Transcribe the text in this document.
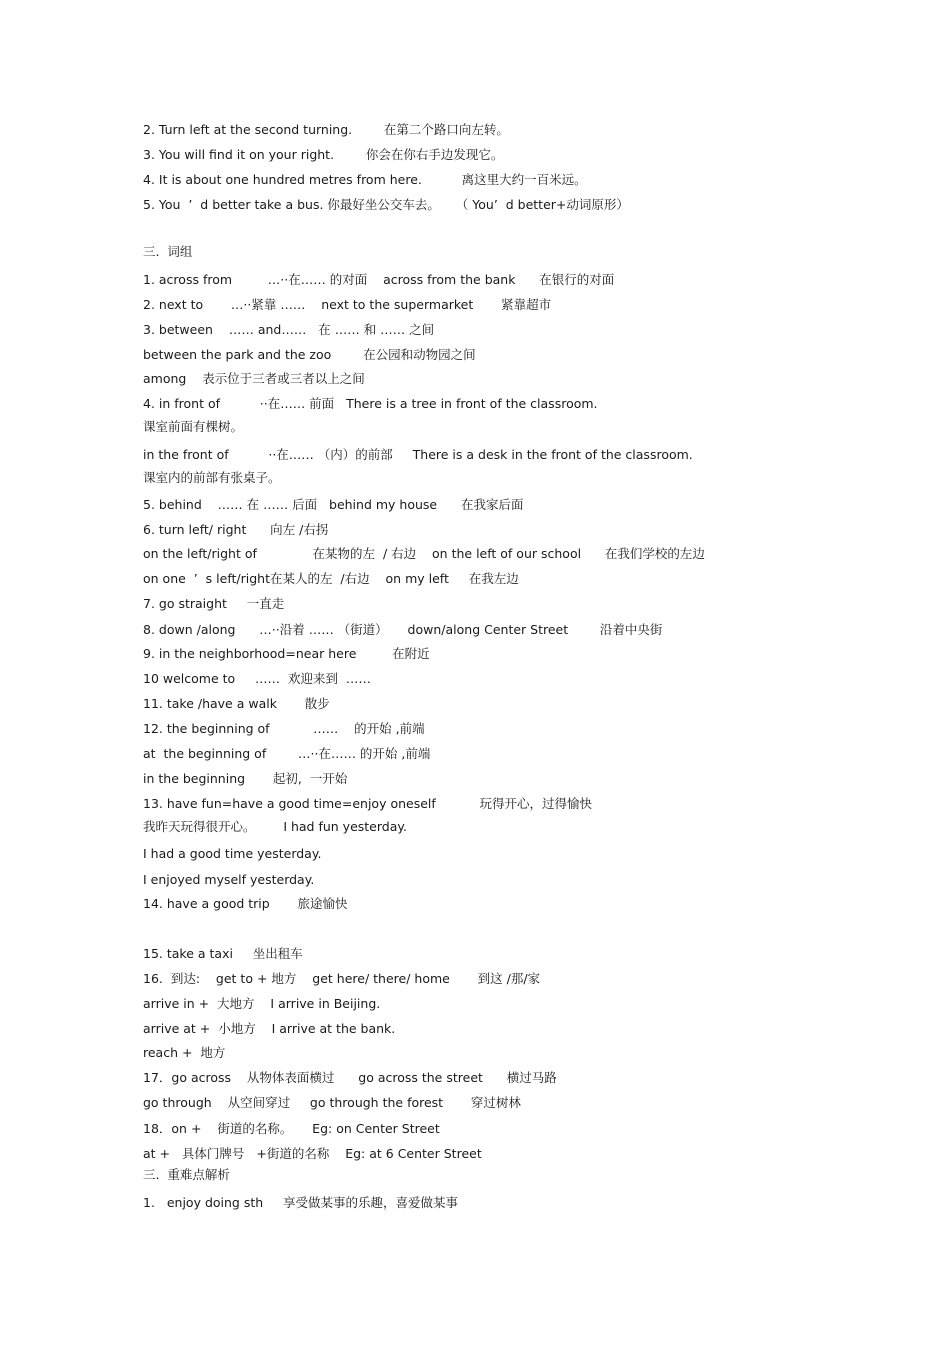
2. Turn left at the second turning.        在第二个路口向左转。
3. You will find it on your right.        你会在你右手边发现它。
4. It is about one hundred metres from here.          离这里大约一百米远。
5. You  ’  d better take a bus. 你最好坐公交车去。    （ You’  d better+动词原形）
三.  词组
1. across from         …··在…… 的对面    across from the bank      在银行的对面
2. next to       …··紧靠 ……    next to the supermarket       紧靠超市
3. between    …… and……   在 …… 和 …… 之间
between the park and the zoo        在公园和动物园之间
among    表示位于三者或三者以上之间
4. in front of          ··在…… 前面   There is a tree in front of the classroom.
课室前面有棵树。
in the front of          ··在…… （内）的前部     There is a desk in the front of the classroom.
课室内的前部有张桌子。
5. behind    …… 在 …… 后面   behind my house      在我家后面
6. turn left/ right      向左 /右拐
on the left/right of              在某物的左  / 右边    on the left of our school      在我们学校的左边
on one  ’  s left/right在某人的左  /右边    on my left     在我左边
7. go straight     一直走
8. down /along      …··沿着 …… （街道）     down/along Center Street        沿着中央街
9. in the neighborhood=near here         在附近
10 welcome to     ……  欢迎来到  ……
11. take /have a walk       散步
12. the beginning of           ……    的开始 ,前端
at  the beginning of        …··在…… 的开始 ,前端
in the beginning       起初,  一开始
13. have fun=have a good time=enjoy oneself           玩得开心，过得愉快
我昨天玩得很开心。       I had fun yesterday.
I had a good time yesterday.
I enjoyed myself yesterday.
14. have a good trip       旅途愉快
15. take a taxi     坐出租车
16.  到达:    get to + 地方    get here/ there/ home       到这 /那/家
arrive in +  大地方    I arrive in Beijing.
arrive at +  小地方    I arrive at the bank.
reach +  地方
17．go across    从物体表面横过      go across the street      横过马路
go through    从空间穿过     go through the forest       穿过树林
18．on +    街道的名称。     Eg: on Center Street
at +   具体门牌号   +街道的名称    Eg: at 6 Center Street
三.  重难点解析
1.   enjoy doing sth     享受做某事的乐趣，喜爱做某事
